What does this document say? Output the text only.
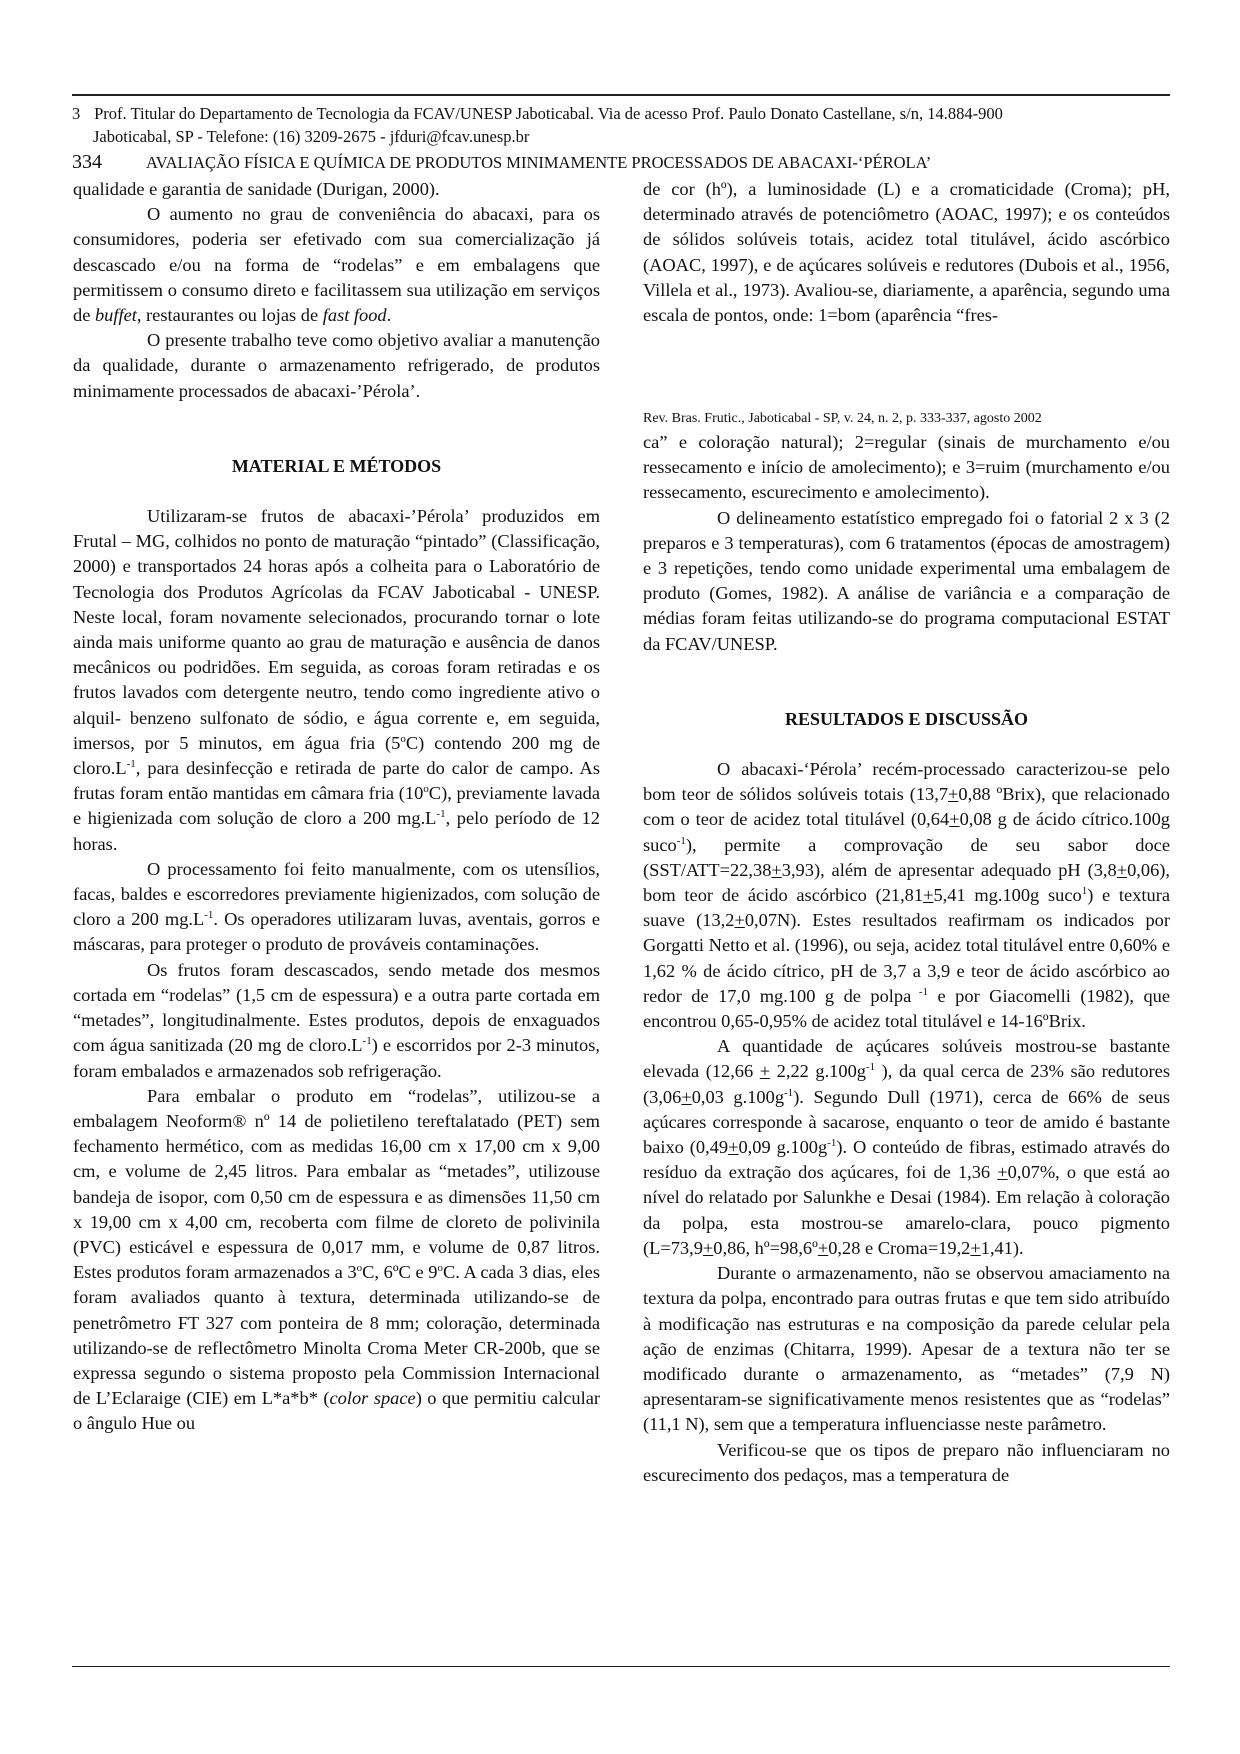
3 Prof. Titular do Departamento de Tecnologia da FCAV/UNESP Jaboticabal. Via de acesso Prof. Paulo Donato Castellane, s/n, 14.884-900
Jaboticabal, SP - Telefone: (16) 3209-2675 - jfduri@fcav.unesp.br
334	AVALIAÇÃO FÍSICA E QUÍMICA DE PRODUTOS MINIMAMENTE PROCESSADOS DE ABACAXI-‘PÉROLA’

qualidade e garantia de sanidade (Durigan, 2000).

O aumento no grau de conveniência do abacaxi, para os consumidores, poderia ser efetivado com sua comercialização já descascado e/ou na forma de “rodelas” e em embalagens que permitissem o consumo direto e facilitassem sua utilização em serviços de buffet, restaurantes ou lojas de fast food.

O presente trabalho teve como objetivo avaliar a manutenção da qualidade, durante o armazenamento refrigerado, de produtos minimamente processados de abacaxi-’Pérola’.

MATERIAL E MÉTODOS

Utilizaram-se frutos de abacaxi-’Pérola’ produzidos em Frutal – MG, colhidos no ponto de maturação “pintado” (Classificação, 2000) e transportados 24 horas após a colheita para o Laboratório de Tecnologia dos Produtos Agrícolas da FCAV Jaboticabal - UNESP. Neste local, foram novamente selecionados, procurando tornar o lote ainda mais uniforme quanto ao grau de maturação e ausência de danos mecânicos ou podridões. Em seguida, as coroas foram retiradas e os frutos lavados com detergente neutro, tendo como ingrediente ativo o alquil- benzeno sulfonato de sódio, e água corrente e, em seguida, imersos, por 5 minutos, em água fria (5$^o$C) contendo 200 mg de $cloro.L^{-1}$, para desinfecção e retirada de parte do calor de campo. As frutas foram então mantidas em câmara fria (10$^o$C), previamente lavada e higienizada com solução de cloro a 200 $mg.L^{-1}$, pelo período de 12 horas.

O processamento foi feito manualmente, com os utensílios, facas, baldes e escorredores previamente higienizados, com solução de cloro a 200 $mg.L^{-1}$. Os operadores utilizaram luvas, aventais, gorros e máscaras, para proteger o produto de prováveis contaminações.

Os frutos foram descascados, sendo metade dos mesmos cortada em “rodelas” (1,5 cm de espessura) e a outra parte cortada em “metades”, longitudinalmente. Estes produtos, depois de enxaguados com água sanitizada (20 mg de $cloro.L^{-1}$) e escorridos por 2-3 minutos, foram embalados e armazenados sob refrigeração.

Para embalar o produto em “rodelas”, utilizou-se a embalagem Neoform® nº 14 de polietileno tereftalatado (PET) sem fechamento hermético, com as medidas 16,00 cm x 17,00 cm x 9,00 cm, e volume de 2,45 litros. Para embalar as “metades”, utilizouse bandeja de isopor, com 0,50 cm de espessura e as dimensões 11,50 cm x 19,00 cm x 4,00 cm, recoberta com filme de cloreto de polivinila (PVC) esticável e espessura de 0,017 mm, e volume de 0,87 litros. Estes produtos foram armazenados a 3$^o$C, 6ºC e 9$^o$C. A cada 3 dias, eles foram avaliados quanto à textura, determinada utilizando-se de penetrômetro FT 327 com ponteira de 8 mm; coloração, determinada utilizando-se de reflectômetro Minolta Croma Meter CR-200b, que se expressa segundo o sistema proposto pela Commission Internacional de L’Eclaraige (CIE) em L*a*b* (color space) o que permitiu calcular o ângulo Hue ou

de cor (hº), a luminosidade (L) e a cromaticidade (Croma); pH, determinado através de potenciômetro (AOAC, 1997); e os conteúdos de sólidos solúveis totais, acidez total titulável, ácido ascórbico (AOAC, 1997), e de açúcares solúveis e redutores (Dubois et al., 1956, Villela et al., 1973). Avaliou-se, diariamente, a aparência, segundo uma escala de pontos, onde: 1=bom (aparência “fres-

Rev. Bras. Frutic., Jaboticabal - SP, v. 24, n. 2, p. 333-337, agosto 2002

ca” e coloração natural); 2=regular (sinais de murchamento e/ou ressecamento e início de amolecimento); e 3=ruim (murchamento e/ou ressecamento, escurecimento e amolecimento).

O delineamento estatístico empregado foi o fatorial 2 x 3 (2 preparos e 3 temperaturas), com 6 tratamentos (épocas de amostragem) e 3 repetições, tendo como unidade experimental uma embalagem de produto (Gomes, 1982). A análise de variância e a comparação de médias foram feitas utilizando-se do programa computacional ESTAT da FCAV/UNESP.

RESULTADOS E DISCUSSÃO

O abacaxi-‘Pérola’ recém-processado caracterizou-se pelo bom teor de sólidos solúveis totais (13,7+0,88 ºBrix), que relacionado com o teor de acidez total titulável (0,64+0,08 g de ácido cítrico.100g suco$^{-1}$), permite a comprovação de seu sabor doce (SST/ATT=22,38+3,93), além de apresentar adequado pH (3,8+0,06), bom teor de ácido ascórbico (21,81+5,41 mg.100g suco$^1$) e textura suave (13,2+0,07N). Estes resultados reafirmam os indicados por Gorgatti Netto et al. (1996), ou seja, acidez total titulável entre 0,60% e 1,62 % de ácido cítrico, pH de 3,7 a 3,9 e teor de ácido ascórbico ao redor de 17,0 mg.100 g de polpa $^{-1}$ e por Giacomelli (1982), que encontrou 0,65-0,95% de acidez total titulável e 14-16ºBrix.

A quantidade de açúcares solúveis mostrou-se bastante elevada (12,66 + 2,22 $g.100g^{-1}$ ), da qual cerca de 23% são redutores (3,06+0,03 $g.100g^{-1}$). Segundo Dull (1971), cerca de 66% de seus açúcares corresponde à sacarose, enquanto o teor de amido é bastante baixo (0,49+0,09 $g.100g^{-1}$). O conteúdo de fibras, estimado através do resíduo da extração dos açúcares, foi de 1,36 +0,07%, o que está ao nível do relatado por Salunkhe e Desai (1984). Em relação à coloração da polpa, esta mostrou-se amarelo-clara, pouco pigmento (L=73,9+0,86, hº=98,6º+0,28 e Croma=19,2+1,41).

Durante o armazenamento, não se observou amaciamento na textura da polpa, encontrado para outras frutas e que tem sido atribuído à modificação nas estruturas e na composição da parede celular pela ação de enzimas (Chitarra, 1999). Apesar de a textura não ter se modificado durante o armazenamento, as “metades” (7,9 N) apresentaram-se significativamente menos resistentes que as “rodelas” (11,1 N), sem que a temperatura influenciasse neste parâmetro.

Verificou-se que os tipos de preparo não influenciaram no escurecimento dos pedaços, mas a temperatura de
